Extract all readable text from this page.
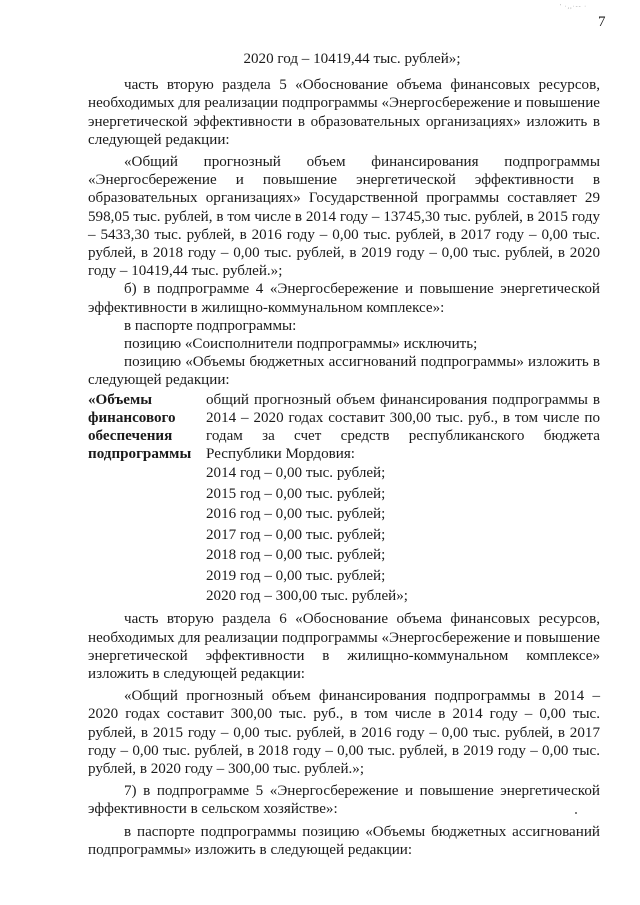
' ·,,·-- ·
7

2020 год – 10419,44 тыс. рублей»;

часть вторую раздела 5 «Обоснование объема финансовых ресурсов, необходимых для реализации подпрограммы «Энергосбережение и повышение энергетической эффективности в образовательных организациях» изложить в следующей редакции:

«Общий прогнозный объем финансирования подпрограммы «Энергосбережение и повышение энергетической эффективности в образовательных организациях» Государственной программы составляет 29 598,05 тыс. рублей, в том числе в 2014 году – 13745,30 тыс. рублей, в 2015 году – 5433,30 тыс. рублей, в 2016 году – 0,00 тыс. рублей, в 2017 году – 0,00 тыс. рублей, в 2018 году – 0,00 тыс. рублей, в 2019 году – 0,00 тыс. рублей, в 2020 году – 10419,44 тыс. рублей.»;

б) в подпрограмме 4 «Энергосбережение и повышение энергетической эффективности в жилищно-коммунальном комплексе»:

в паспорте подпрограммы:

позицию «Соисполнители подпрограммы» исключить;

позицию «Объемы бюджетных ассигнований подпрограммы» изложить в следующей редакции:

«Объемы финансового обеспечения подпрограммы

общий прогнозный объем финансирования подпрограммы в 2014 – 2020 годах составит 300,00 тыс. руб., в том числе по годам за счет средств республиканского бюджета Республики Мордовия:

2014 год – 0,00 тыс. рублей;

2015 год – 0,00 тыс. рублей;

2016 год – 0,00 тыс. рублей;

2017 год – 0,00 тыс. рублей;

2018 год – 0,00 тыс. рублей;

2019 год – 0,00 тыс. рублей;

2020 год – 300,00 тыс. рублей»;

часть вторую раздела 6 «Обоснование объема финансовых ресурсов, необходимых для реализации подпрограммы «Энергосбережение и повышение энергетической эффективности в жилищно-коммунальном комплексе» изложить в следующей редакции:

«Общий прогнозный объем финансирования подпрограммы в 2014 – 2020 годах составит 300,00 тыс. руб., в том числе в 2014 году – 0,00 тыс. рублей, в 2015 году – 0,00 тыс. рублей, в 2016 году – 0,00 тыс. рублей, в 2017 году – 0,00 тыс. рублей, в 2018 году – 0,00 тыс. рублей, в 2019 году – 0,00 тыс. рублей, в 2020 году – 300,00 тыс. рублей.»;

7) в подпрограмме 5 «Энергосбережение и повышение энергетической эффективности в сельском хозяйстве»:

в паспорте подпрограммы позицию «Объемы бюджетных ассигнований подпрограммы» изложить в следующей редакции:
